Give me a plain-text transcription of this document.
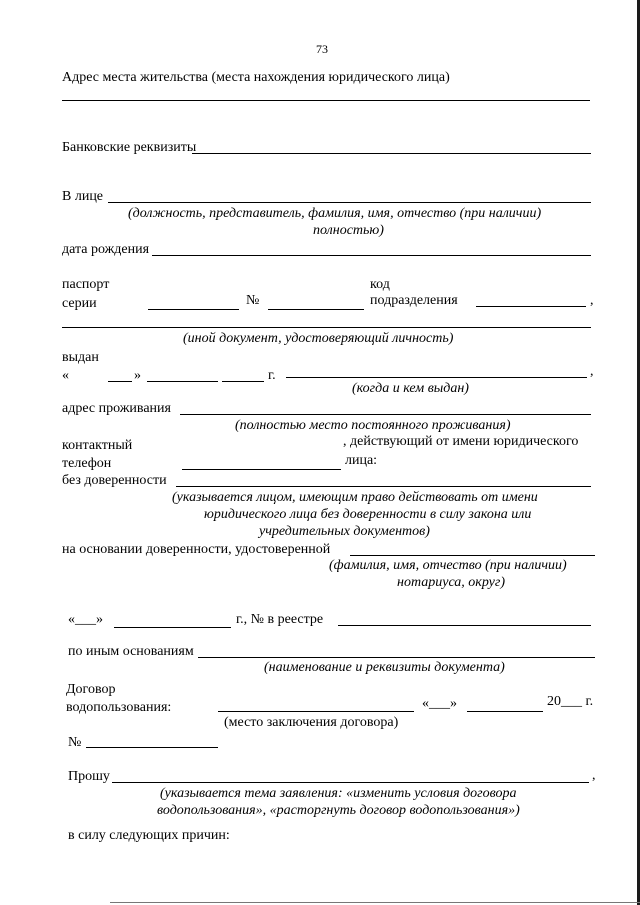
73
Адрес места жительства (места нахождения юридического лица)
Банковские реквизиты
В лице
(должность, представитель, фамилия, имя, отчество (при наличии)
полностью)
дата рождения
паспорт
серии	№
код
подразделения	,
(иной документ, удостоверяющий личность)
выдан
«	»	г.	,
(когда и кем выдан)
адрес проживания
(полностью место постоянного проживания)
контактный
телефон
, действующий от имени юридического
лица:
без доверенности
(указывается лицом, имеющим право действовать от имени
юридического лица без доверенности в силу закона или
учредительных документов)
на основании доверенности, удостоверенной
(фамилия, имя, отчество (при наличии)
нотариуса, округ)
«___»	г., № в реестре
по иным основаниям
(наименование и реквизиты документа)
Договор
водопользования:	«___»	20___ г.
(место заключения договора)
№
Прошу	,
(указывается тема заявления: «изменить условия договора
водопользования», «расторгнуть договор водопользования»)
в силу следующих причин:
